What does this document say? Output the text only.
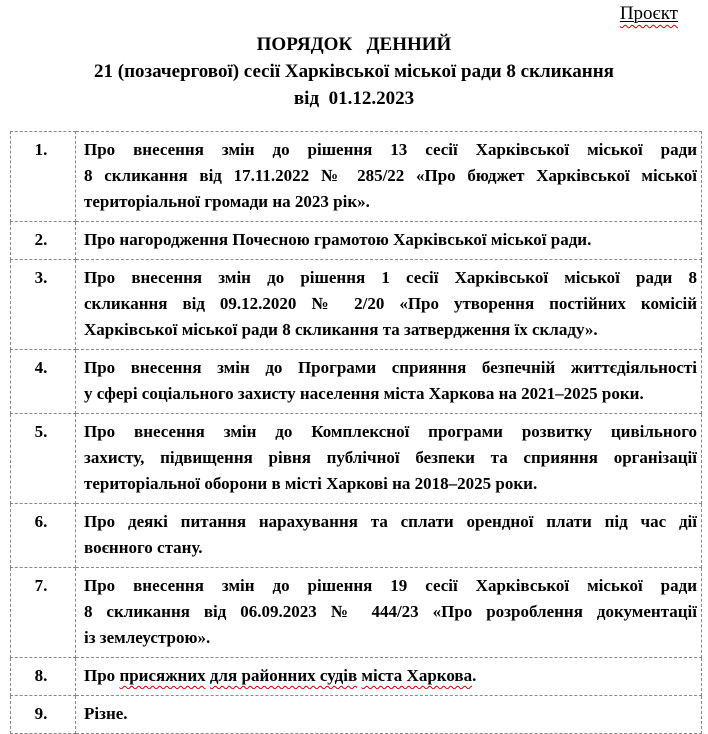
Проєкт
ПОРЯДОК   ДЕННИЙ
21 (позачергової) сесії Харківської міської ради 8 скликання
від  01.12.2023
1.	Про внесення змін до рішення 13 сесії Харківської міської ради
8 скликання від 17.11.2022 № 285/22 «Про бюджет Харківської міської
територіальної громади на 2023 рік».

2.	Про нагородження Почесною грамотою Харківської міської ради.

3.	Про внесення змін до рішення 1 сесії Харківської міської ради 8
скликання від 09.12.2020 № 2/20 «Про утворення постійних комісій
Харківської міської ради 8 скликання та затвердження їх складу».

4.	Про внесення змін до Програми сприяння безпечній життєдіяльності
у сфері соціального захисту населення міста Харкова на 2021–2025 роки.

5.	Про внесення змін до Комплексної програми розвитку цивільного
захисту, підвищення рівня публічної безпеки та сприяння організації
територіальної оборони в місті Харкові на 2018–2025 роки.

6.	Про деякі питання нарахування та сплати орендної плати під час дії
воєнного стану.

7.	Про внесення змін до рішення 19 сесії Харківської міської ради
8 скликання від 06.09.2023 № 444/23 «Про розроблення документації
із землеустрою».

8.	Про присяжних для районних судів міста Харкова.

9.	Різне.
